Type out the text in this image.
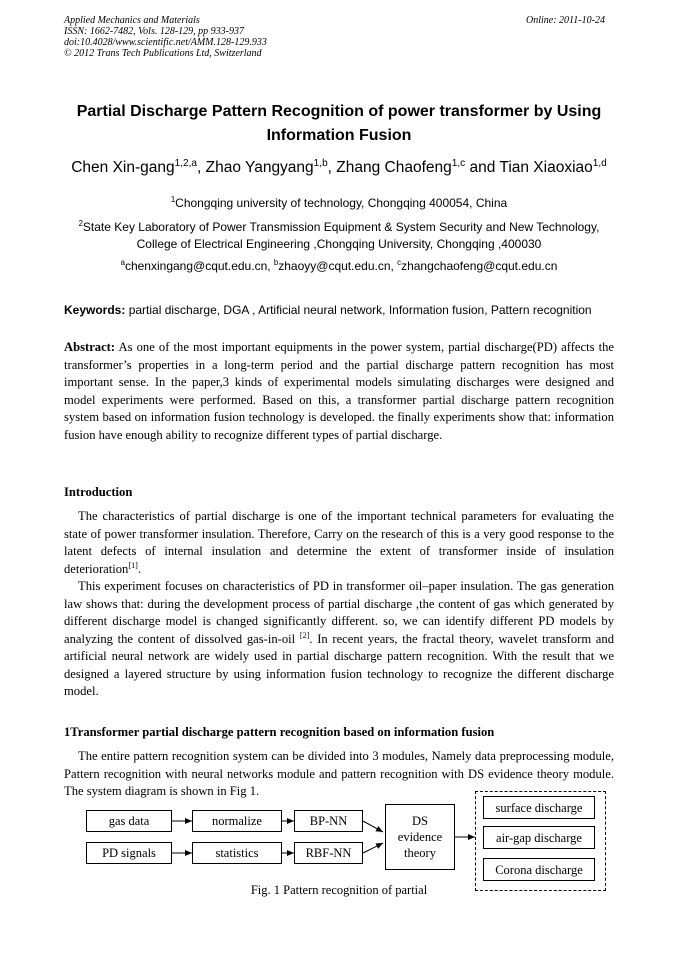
Applied Mechanics and Materials
ISSN: 1662-7482, Vols. 128-129, pp 933-937
doi:10.4028/www.scientific.net/AMM.128-129.933
© 2012 Trans Tech Publications Ltd, Switzerland
Online: 2011-10-24
Partial Discharge Pattern Recognition of power transformer by Using
Information Fusion
Chen Xin-gang$^{1,2,a}$, Zhao Yangyang$^{1,b}$, Zhang Chaofeng$^{1,c}$ and Tian Xiaoxiao$^{1,d}$
$^1$Chongqing university of technology, Chongqing 400054, China
$^2$State Key Laboratory of Power Transmission Equipment & System Security and New Technology,
College of Electrical Engineering ,Chongqing University, Chongqing ,400030
$^a$chenxingang@cqut.edu.cn, $^b$zhaoyy@cqut.edu.cn, $^c$zhangchaofeng@cqut.edu.cn
Keywords: partial discharge, DGA , Artificial neural network, Information fusion, Pattern recognition
Abstract: As one of the most important equipments in the power system, partial discharge(PD) affects the transformer’s properties in a long-term period and the partial discharge pattern recognition has most important sense. In the paper,3 kinds of experimental models simulating discharges were designed and model experiments were performed. Based on this, a transformer partial discharge pattern recognition system based on information fusion technology is developed. the finally experiments show that: information fusion have enough ability to recognize different types of partial discharge.
Introduction
The characteristics of partial discharge is one of the important technical parameters for evaluating the state of power transformer insulation. Therefore, Carry on the research of this is a very good response to the latent defects of internal insulation and determine the extent of transformer inside of insulation deterioration[1].
This experiment focuses on characteristics of PD in transformer oil–paper insulation. The gas generation law shows that: during the development process of partial discharge ,the content of gas which generated by different discharge model is changed significantly different. so, we can identify different PD models by analyzing the content of dissolved gas-in-oil [2]. In recent years, the fractal theory, wavelet transform and artificial neural network are widely used in partial discharge pattern recognition. With the result that we designed a layered structure by using information fusion technology to recognize the different discharge model.
1Transformer partial discharge pattern recognition based on information fusion
The entire pattern recognition system can be divided into 3 modules, Namely data preprocessing module, Pattern recognition with neural networks module and pattern recognition with DS evidence theory module. The system diagram is shown in Fig 1.
gas data
PD signals
normalize
statistics
BP-NN
RBF-NN
DS
evidence
theory
surface discharge
air-gap discharge
Corona discharge
Fig. 1 Pattern recognition of partial
